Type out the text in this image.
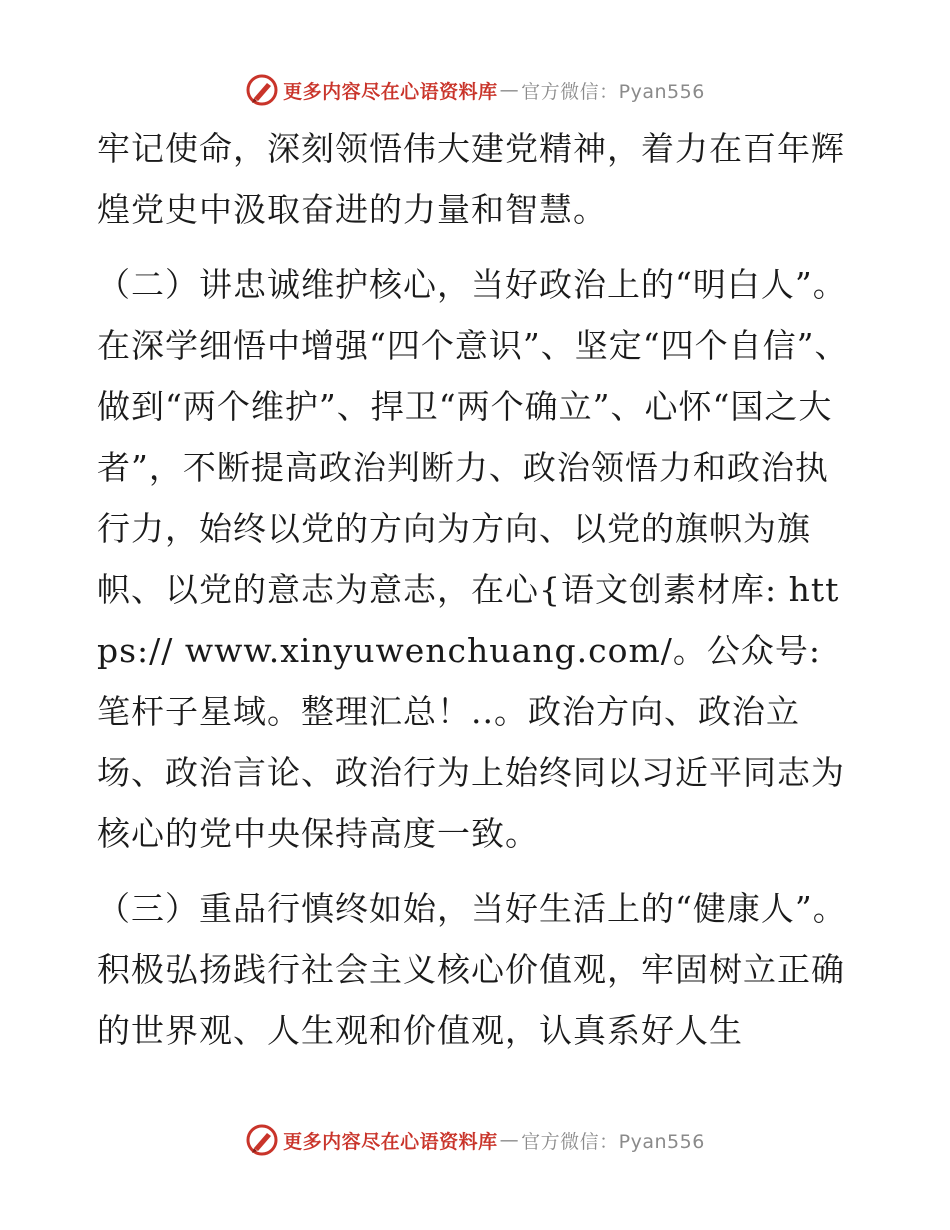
更多内容尽在心语资料库 — 官方微信：Pyan556

牢记使命，深刻领悟伟大建党精神，着力在百年辉煌党史中汲取奋进的力量和智慧。

（二）讲忠诚维护核心，当好政治上的“明白人”。在深学细悟中增强“四个意识”、坚定“四个自信”、做到“两个维护”、捍卫“两个确立”、心怀“国之大者”，不断提高政治判断力、政治领悟力和政治执行力，始终以党的方向为方向、以党的旗帜为旗帜、以党的意志为意志，在心{语文创素材库: https:// www.xinyuwenchuang.com/。公众号: 笔杆子星域。整理汇总！..。政治方向、政治立场、政治言论、政治行为上始终同以习近平同志为核心的党中央保持高度一致。

（三）重品行慎终如始，当好生活上的“健康人”。积极弘扬践行社会主义核心价值观，牢固树立正确的世界观、人生观和价值观，认真系好人生

更多内容尽在心语资料库 — 官方微信：Pyan556
